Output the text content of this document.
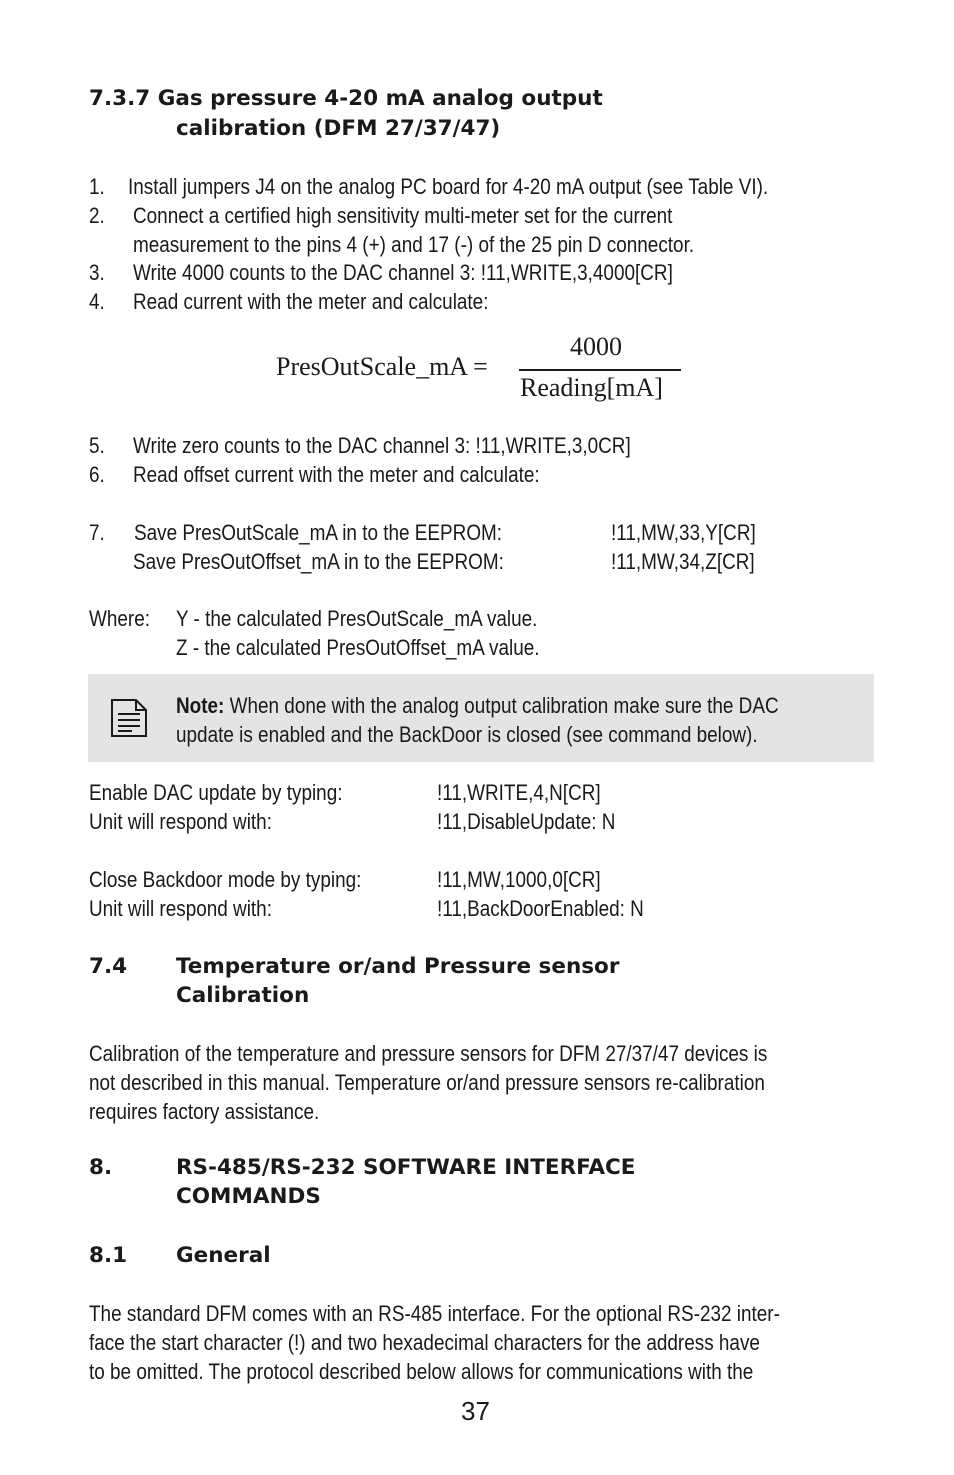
7.3.7 Gas pressure 4-20 mA analog output
calibration (DFM 27/37/47)
1. Install jumpers J4 on the analog PC board for 4-20 mA output (see Table VI).
2. Connect a certified high sensitivity multi-meter set for the current
measurement to the pins 4 (+) and 17 (-) of the 25 pin D connector.
3. Write 4000 counts to the DAC channel 3: !11,WRITE,3,4000[CR]
4. Read current with the meter and calculate:
PresOutScale_mA =
4000
Reading[mA]
5. Write zero counts to the DAC channel 3: !11,WRITE,3,0CR]
6. Read offset current with the meter and calculate:
7. Save PresOutScale_mA in to the EEPROM:	!11,MW,33,Y[CR]
Save PresOutOffset_mA in to the EEPROM:	!11,MW,34,Z[CR]
Where: Y - the calculated PresOutScale_mA value.
Z - the calculated PresOutOffset_mA value.
Note: When done with the analog output calibration make sure the DAC
update is enabled and the BackDoor is closed (see command below).
Enable DAC update by typing:	!11,WRITE,4,N[CR]
Unit will respond with:	!11,DisableUpdate: N
Close Backdoor mode by typing:	!11,MW,1000,0[CR]
Unit will respond with:	!11,BackDoorEnabled: N
7.4 Temperature or/and Pressure sensor
Calibration
Calibration of the temperature and pressure sensors for DFM 27/37/47 devices is
not described in this manual. Temperature or/and pressure sensors re-calibration
requires factory assistance.
8.	RS-485/RS-232 SOFTWARE INTERFACE
COMMANDS
8.1 General
The standard DFM comes with an RS-485 interface. For the optional RS-232 inter-
face the start character (!) and two hexadecimal characters for the address have
to be omitted. The protocol described below allows for communications with the
37
